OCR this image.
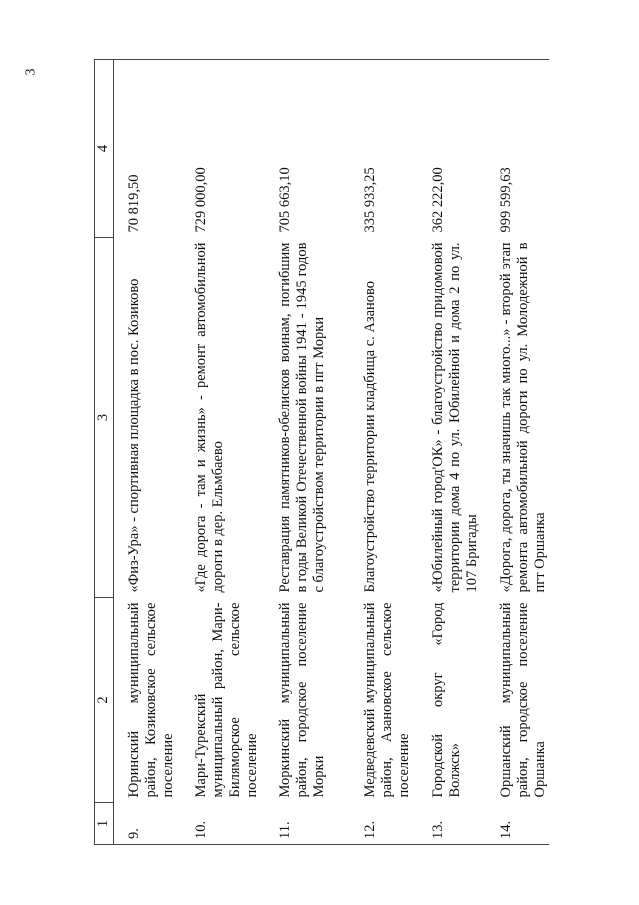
3
1	2	3	4
9.	Юринский муниципальный район, Козиковское сельское поселение	«Физ-Ура» - спортивная площадка в пос. Козиково	70 819,50
10.	Мари-Турекский муниципальный район, Мари-Биляморское сельское поселение	«Где дорога - там и жизнь» - ремонт автомобильной дороги в дер. Ельмбаево	729 000,00
11.	Моркинский муниципальный район, городское поселение Морки	Реставрация памятников-обелисков воинам, погибшим в годы Великой Отечественной войны 1941 - 1945 годов с благоустройством территории в пгт Морки	705 663,10
12.	Медведевский муниципальный район, Азановское сельское поселение	Благоустройство территории кладбища с. Азаново	335 933,25
13.	Городской округ «Город Волжск»	«Юбилейный город'ОК» - благоустройство придомовой территории дома 4 по ул. Юбилейной и дома 2 по ул. 107 Бригады	362 222,00
14.	Оршанский муниципальный район, городское поселение Оршанка	«Дорога, дорога, ты значишь так много...» - второй этап ремонта автомобильной дороги по ул. Молодежной в пгт Оршанка	999 599,63
